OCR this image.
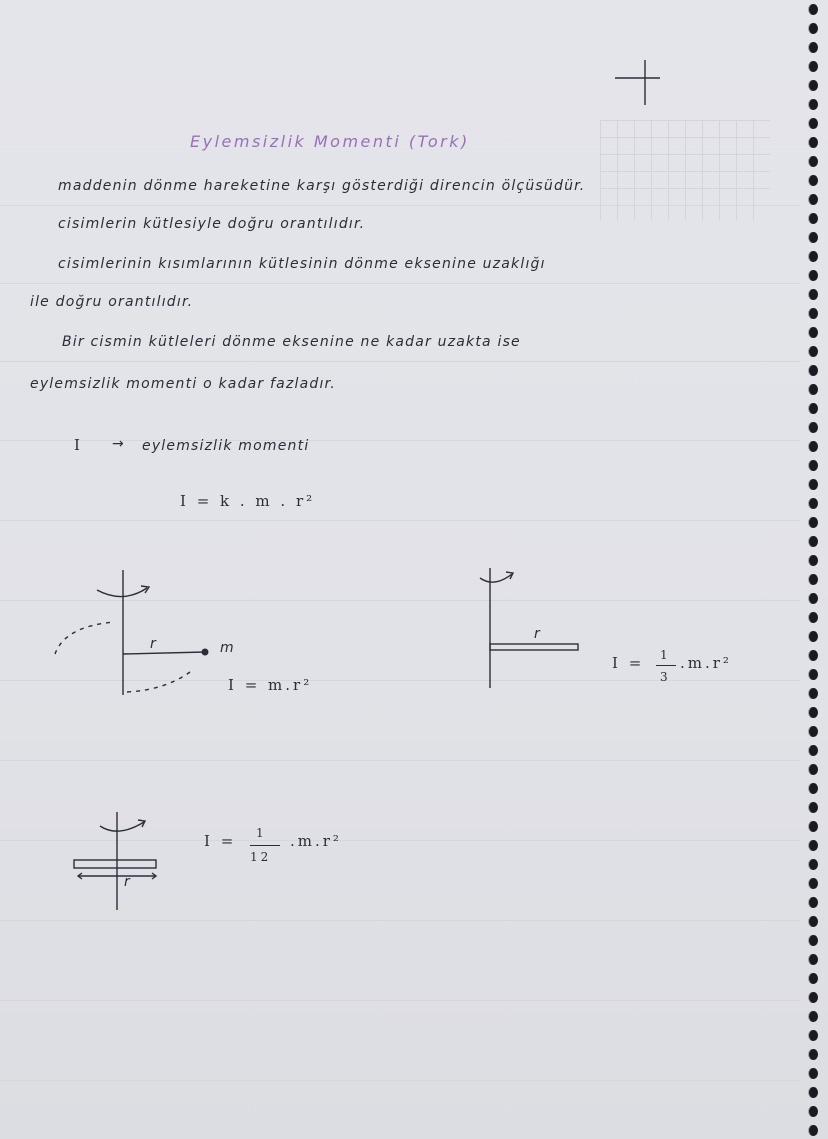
Eylemsizlik Momenti (Tork)
maddenin dönme hareketine karşı gösterdiği direncin ölçüsüdür.
cisimlerin kütlesiyle doğru orantılıdır.
cisimlerinin kısımlarının kütlesinin dönme eksenine uzaklığı
ile doğru orantılıdır.
Bir cismin kütleleri dönme eksenine ne kadar uzakta ise
eylemsizlik momenti o kadar fazladır.
I → eylemsizlik momenti
I = k . m . r²
r	m
I = m.r²
r
I = 1
3
.m.r²
r
I = 1
12
.m.r²
